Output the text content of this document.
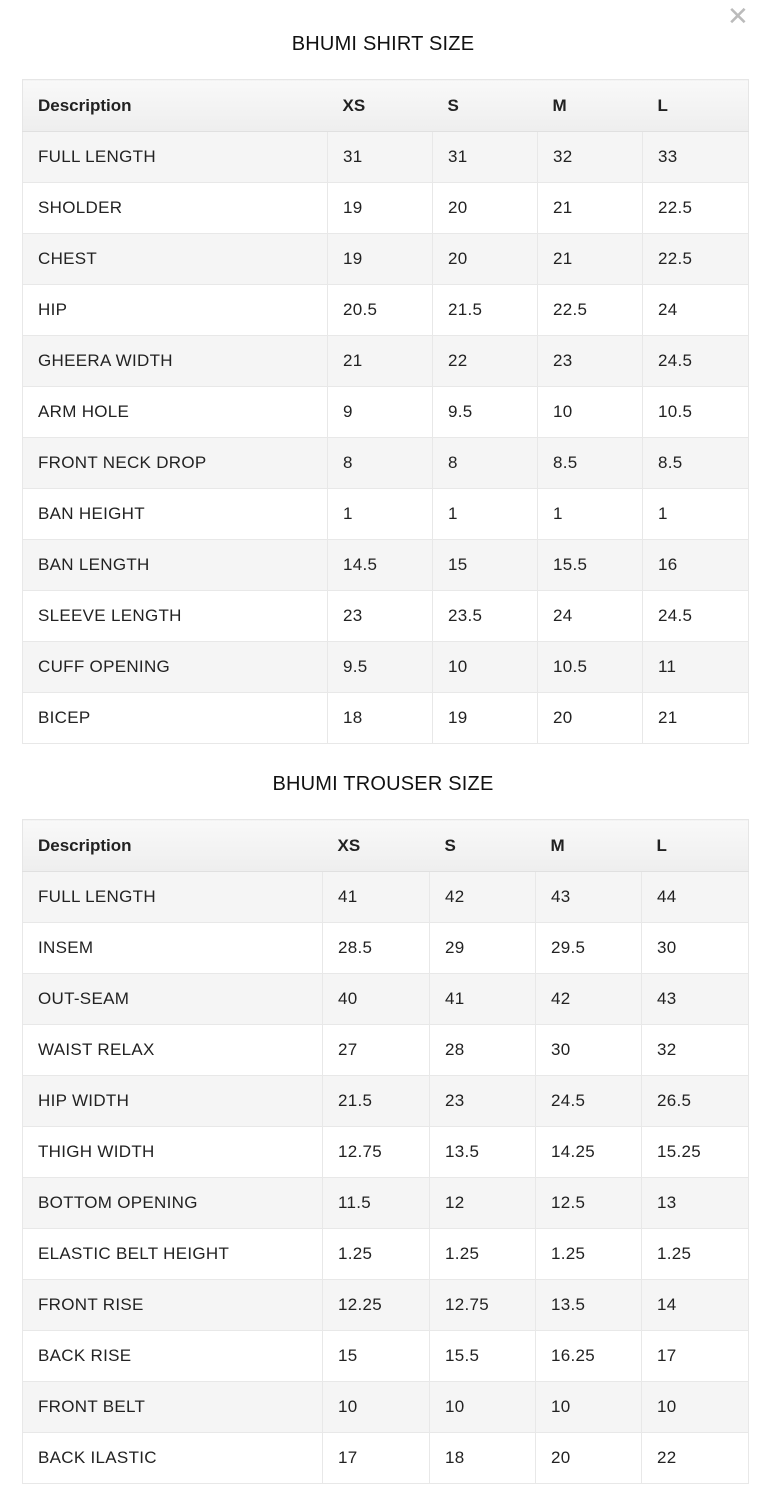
✕
BHUMI SHIRT SIZE
Description	XS	S	M	L
FULL LENGTH	31	31	32	33
SHOLDER	19	20	21	22.5
CHEST	19	20	21	22.5
HIP	20.5	21.5	22.5	24
GHEERA WIDTH	21	22	23	24.5
ARM HOLE	9	9.5	10	10.5
FRONT NECK DROP	8	8	8.5	8.5
BAN HEIGHT	1	1	1	1
BAN LENGTH	14.5	15	15.5	16
SLEEVE LENGTH	23	23.5	24	24.5
CUFF OPENING	9.5	10	10.5	11
BICEP	18	19	20	21
BHUMI TROUSER SIZE
Description	XS	S	M	L
FULL LENGTH	41	42	43	44
INSEM	28.5	29	29.5	30
OUT-SEAM	40	41	42	43
WAIST RELAX	27	28	30	32
HIP WIDTH	21.5	23	24.5	26.5
THIGH WIDTH	12.75	13.5	14.25	15.25
BOTTOM OPENING	11.5	12	12.5	13
ELASTIC BELT HEIGHT	1.25	1.25	1.25	1.25
FRONT RISE	12.25	12.75	13.5	14
BACK RISE	15	15.5	16.25	17
FRONT BELT	10	10	10	10
BACK ILASTIC	17	18	20	22
